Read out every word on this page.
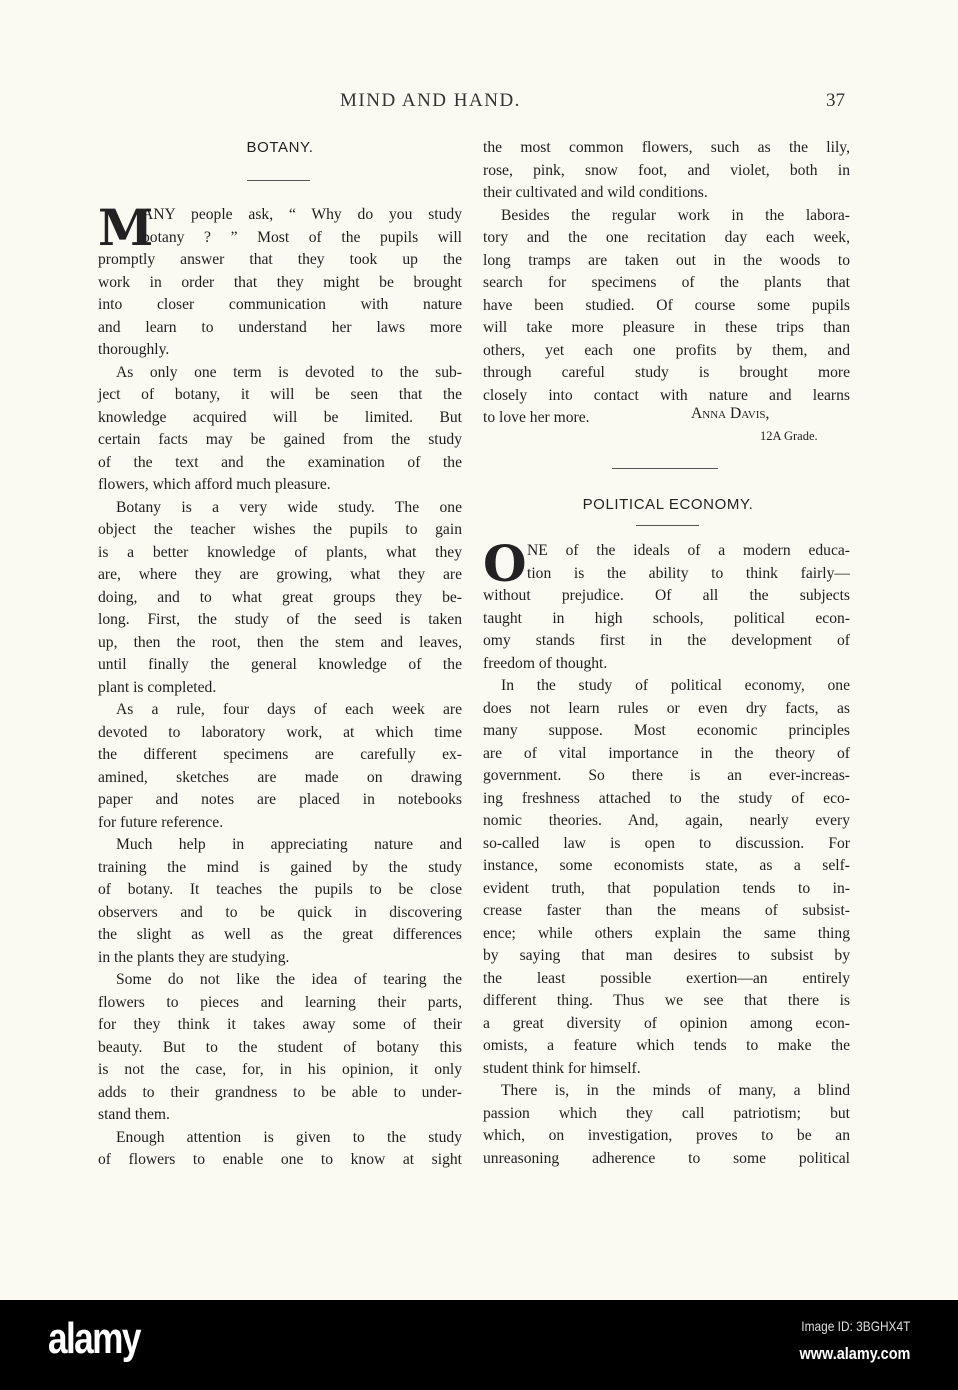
MIND AND HAND.	37
BOTANY.
M
ANY people ask, “ Why do you study
botany ? ” Most of the pupils will
promptly answer that they took up the
work in order that they might be brought
into closer communication with nature
and learn to understand her laws more
thoroughly.
As only one term is devoted to the sub-
ject of botany, it will be seen that the
knowledge acquired will be limited. But
certain facts may be gained from the study
of the text and the examination of the
flowers, which afford much pleasure.
Botany is a very wide study. The one
object the teacher wishes the pupils to gain
is a better knowledge of plants, what they
are, where they are growing, what they are
doing, and to what great groups they be-
long. First, the study of the seed is taken
up, then the root, then the stem and leaves,
until finally the general knowledge of the
plant is completed.
As a rule, four days of each week are
devoted to laboratory work, at which time
the different specimens are carefully ex-
amined, sketches are made on drawing
paper and notes are placed in notebooks
for future reference.
Much help in appreciating nature and
training the mind is gained by the study
of botany. It teaches the pupils to be close
observers and to be quick in discovering
the slight as well as the great differences
in the plants they are studying.
Some do not like the idea of tearing the
flowers to pieces and learning their parts,
for they think it takes away some of their
beauty. But to the student of botany this
is not the case, for, in his opinion, it only
adds to their grandness to be able to under-
stand them.
Enough attention is given to the study
of flowers to enable one to know at sight
the most common flowers, such as the lily,
rose, pink, snow foot, and violet, both in
their cultivated and wild conditions.
Besides the regular work in the labora-
tory and the one recitation day each week,
long tramps are taken out in the woods to
search for specimens of the plants that
have been studied. Of course some pupils
will take more pleasure in these trips than
others, yet each one profits by them, and
through careful study is brought more
closely into contact with nature and learns
to love her more.	Anna Davis,
12A Grade.
POLITICAL ECONOMY.
O NE of the ideals of a modern educa-
tion is the ability to think fairly—
without prejudice. Of all the subjects
taught in high schools, political econ-
omy stands first in the development of
freedom of thought.
In the study of political economy, one
does not learn rules or even dry facts, as
many suppose. Most economic principles
are of vital importance in the theory of
government. So there is an ever-increas-
ing freshness attached to the study of eco-
nomic theories. And, again, nearly every
so-called law is open to discussion. For
instance, some economists state, as a self-
evident truth, that population tends to in-
crease faster than the means of subsist-
ence; while others explain the same thing
by saying that man desires to subsist by
the least possible exertion—an entirely
different thing. Thus we see that there is
a great diversity of opinion among econ-
omists, a feature which tends to make the
student think for himself.
There is, in the minds of many, a blind
passion which they call patriotism; but
which, on investigation, proves to be an
unreasoning adherence to some political
alamy	Image ID: 3BGHX4T
www.alamy.com
